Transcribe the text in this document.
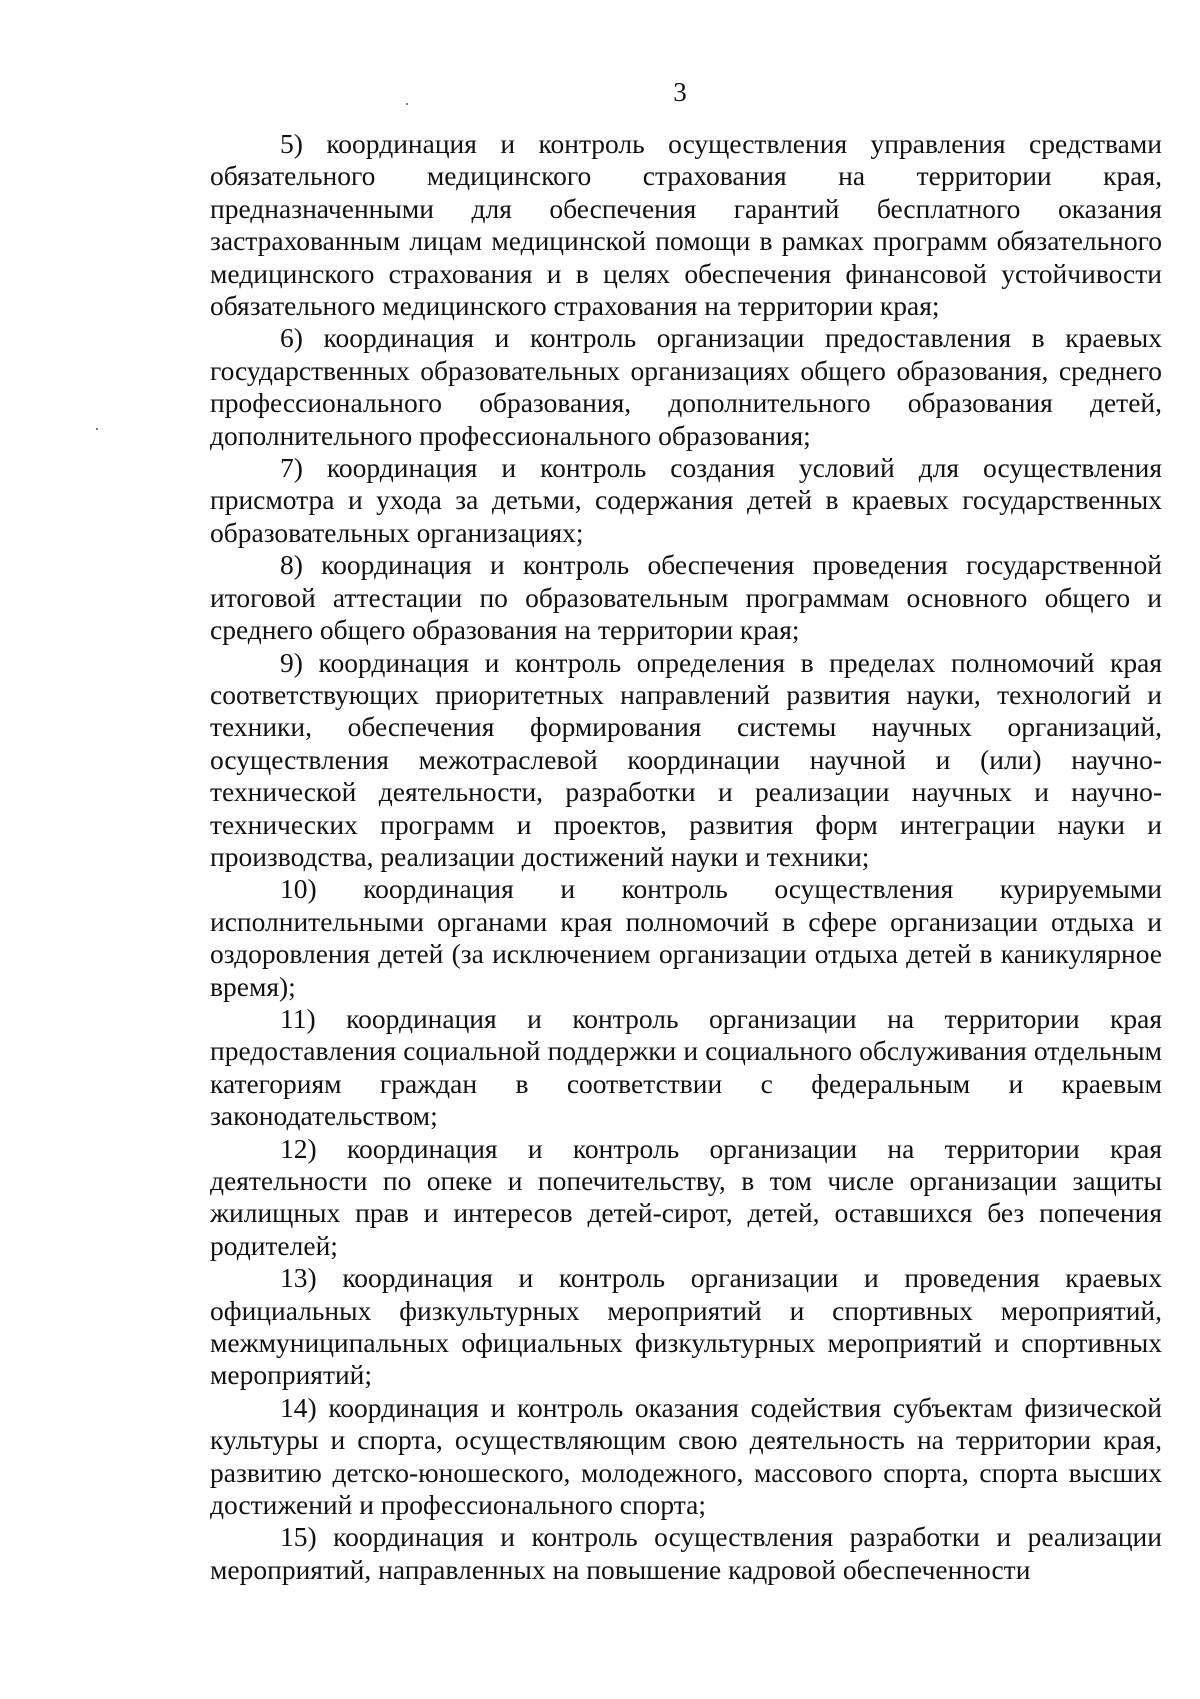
3

5) координация и контроль осуществления управления средствами обязательного медицинского страхования на территории края, предназначенными для обеспечения гарантий бесплатного оказания застрахованным лицам медицинской помощи в рамках программ обязательного медицинского страхования и в целях обеспечения финансовой устойчивости обязательного медицинского страхования на территории края;

6) координация и контроль организации предоставления в краевых государственных образовательных организациях общего образования, среднего профессионального образования, дополнительного образования детей, дополнительного профессионального образования;

7) координация и контроль создания условий для осуществления присмотра и ухода за детьми, содержания детей в краевых государственных образовательных организациях;

8) координация и контроль обеспечения проведения государственной итоговой аттестации по образовательным программам основного общего и среднего общего образования на территории края;

9) координация и контроль определения в пределах полномочий края соответствующих приоритетных направлений развития науки, технологий и техники, обеспечения формирования системы научных организаций, осуществления межотраслевой координации научной и (или) научно-технической деятельности, разработки и реализации научных и научно-технических программ и проектов, развития форм интеграции науки и производства, реализации достижений науки и техники;

10) координация и контроль осуществления курируемыми исполнительными органами края полномочий в сфере организации отдыха и оздоровления детей (за исключением организации отдыха детей в каникулярное время);

11) координация и контроль организации на территории края предоставления социальной поддержки и социального обслуживания отдельным категориям граждан в соответствии с федеральным и краевым законодательством;

12) координация и контроль организации на территории края деятельности по опеке и попечительству, в том числе организации защиты жилищных прав и интересов детей-сирот, детей, оставшихся без попечения родителей;

13) координация и контроль организации и проведения краевых официальных физкультурных мероприятий и спортивных мероприятий, межмуниципальных официальных физкультурных мероприятий и спортивных мероприятий;

14) координация и контроль оказания содействия субъектам физической культуры и спорта, осуществляющим свою деятельность на территории края, развитию детско-юношеского, молодежного, массового спорта, спорта высших достижений и профессионального спорта;

15) координация и контроль осуществления разработки и реализации мероприятий, направленных на повышение кадровой обеспеченности
